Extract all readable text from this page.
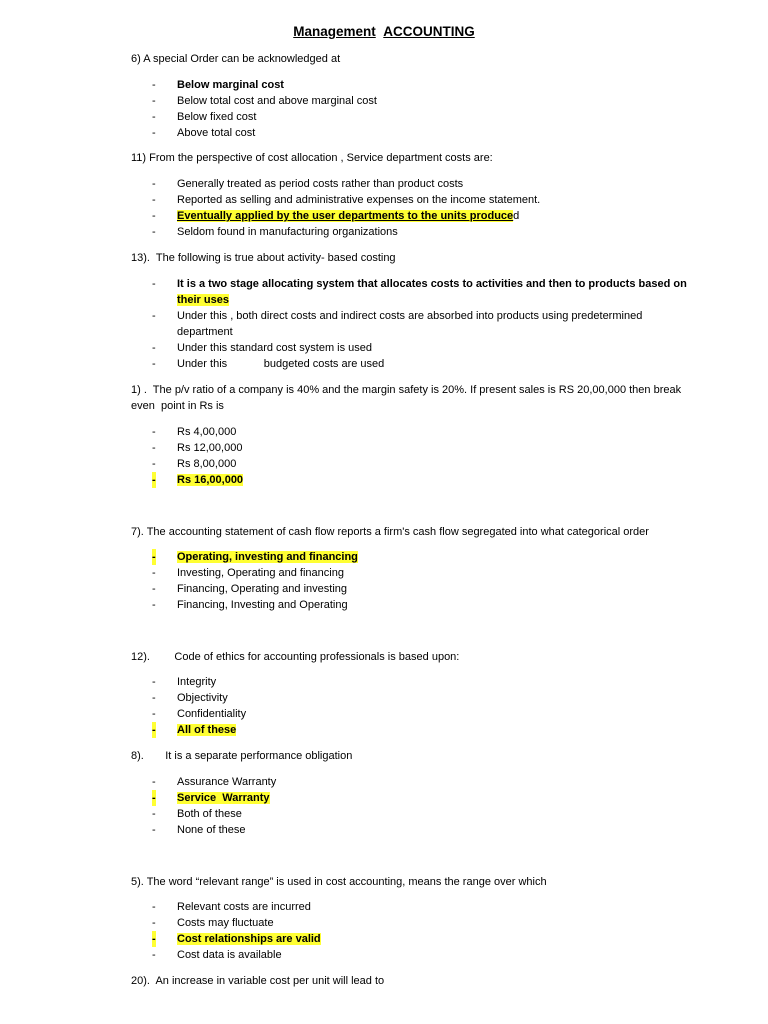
Management ACCOUNTING
6) A special Order can be acknowledged at
- Below marginal cost
- Below total cost and above marginal cost
- Below fixed cost
- Above total cost
11) From the perspective of cost allocation , Service department costs are:
- Generally treated as period costs rather than product costs
- Reported as selling and administrative expenses on the income statement.
- Eventually applied by the user departments to the units produced
- Seldom found in manufacturing organizations
13).  The following is true about activity- based costing
- It is a two stage allocating system that allocates costs to activities and then to products based on
their uses
- Under this , both direct costs and indirect costs are absorbed into products using predetermined
department
- Under this standard cost system is used
- Under this            budgeted costs are used
1) .  The p/v ratio of a company is 40% and the margin safety is 20%. If present sales is RS 20,00,000 then break
even  point in Rs is
- Rs 4,00,000
- Rs 12,00,000
- Rs 8,00,000
- Rs 16,00,000
7). The accounting statement of cash flow reports a firm's cash flow segregated into what categorical order
- Operating, investing and financing
- Investing, Operating and financing
- Financing, Operating and investing
- Financing, Investing and Operating
12).        Code of ethics for accounting professionals is based upon:
- Integrity
- Objectivity
- Confidentiality
- All of these
8).       It is a separate performance obligation
- Assurance Warranty
- Service  Warranty
- Both of these
- None of these
5). The word “relevant range” is used in cost accounting, means the range over which
- Relevant costs are incurred
- Costs may fluctuate
- Cost relationships are valid
- Cost data is available
20).  An increase in variable cost per unit will lead to
